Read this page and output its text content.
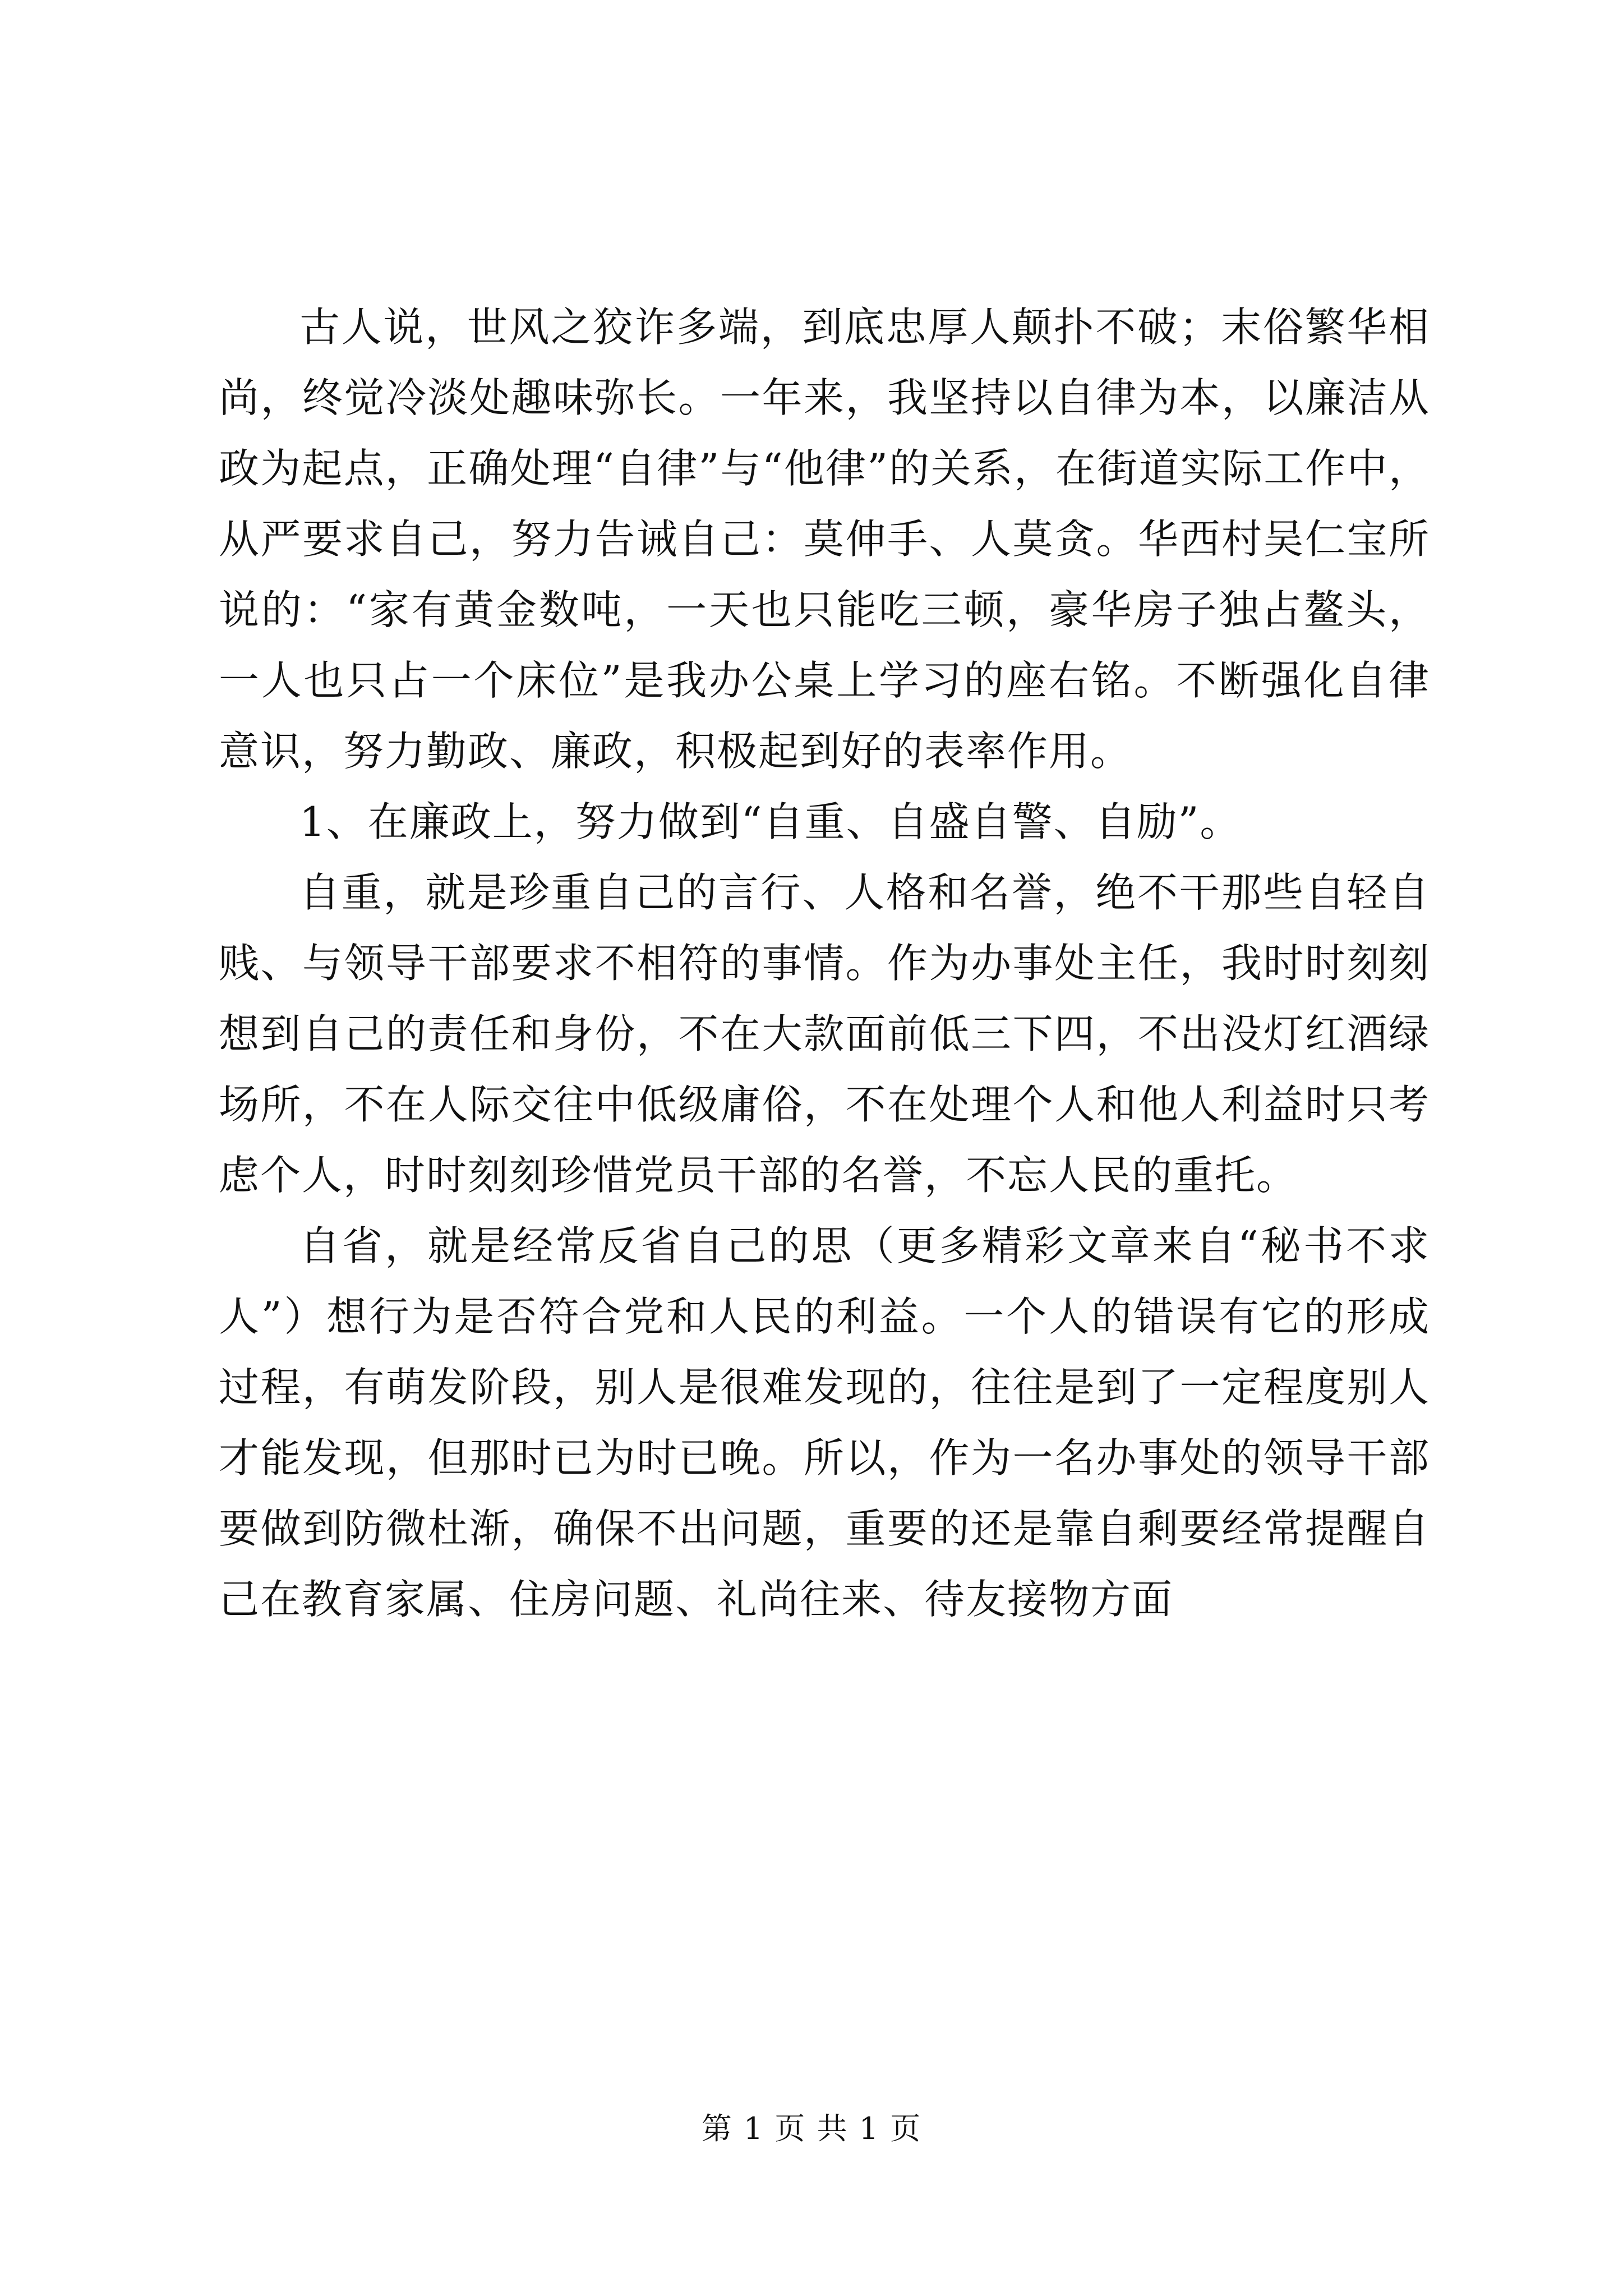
古人说，世风之狡诈多端，到底忠厚人颠扑不破；末俗繁华相尚，终觉冷淡处趣味弥长。一年来，我坚持以自律为本，以廉洁从政为起点，正确处理“自律”与“他律”的关系，在街道实际工作中，从严要求自己，努力告诫自己：莫伸手、人莫贪。华西村吴仁宝所说的：“家有黄金数吨，一天也只能吃三顿，豪华房子独占鳌头，一人也只占一个床位”是我办公桌上学习的座右铭。不断强化自律意识，努力勤政、廉政，积极起到好的表率作用。

1、在廉政上，努力做到“自重、自盛自警、自励”。

自重，就是珍重自己的言行、人格和名誉，绝不干那些自轻自贱、与领导干部要求不相符的事情。作为办事处主任，我时时刻刻想到自己的责任和身份，不在大款面前低三下四，不出没灯红酒绿场所，不在人际交往中低级庸俗，不在处理个人和他人利益时只考虑个人，时时刻刻珍惜党员干部的名誉，不忘人民的重托。

自省，就是经常反省自己的思（更多精彩文章来自“秘书不求人”）想行为是否符合党和人民的利益。一个人的错误有它的形成过程，有萌发阶段，别人是很难发现的，往往是到了一定程度别人才能发现，但那时已为时已晚。所以，作为一名办事处的领导干部要做到防微杜渐，确保不出问题，重要的还是靠自剩要经常提醒自己在教育家属、住房问题、礼尚往来、待友接物方面

第 1 页 共 1 页
